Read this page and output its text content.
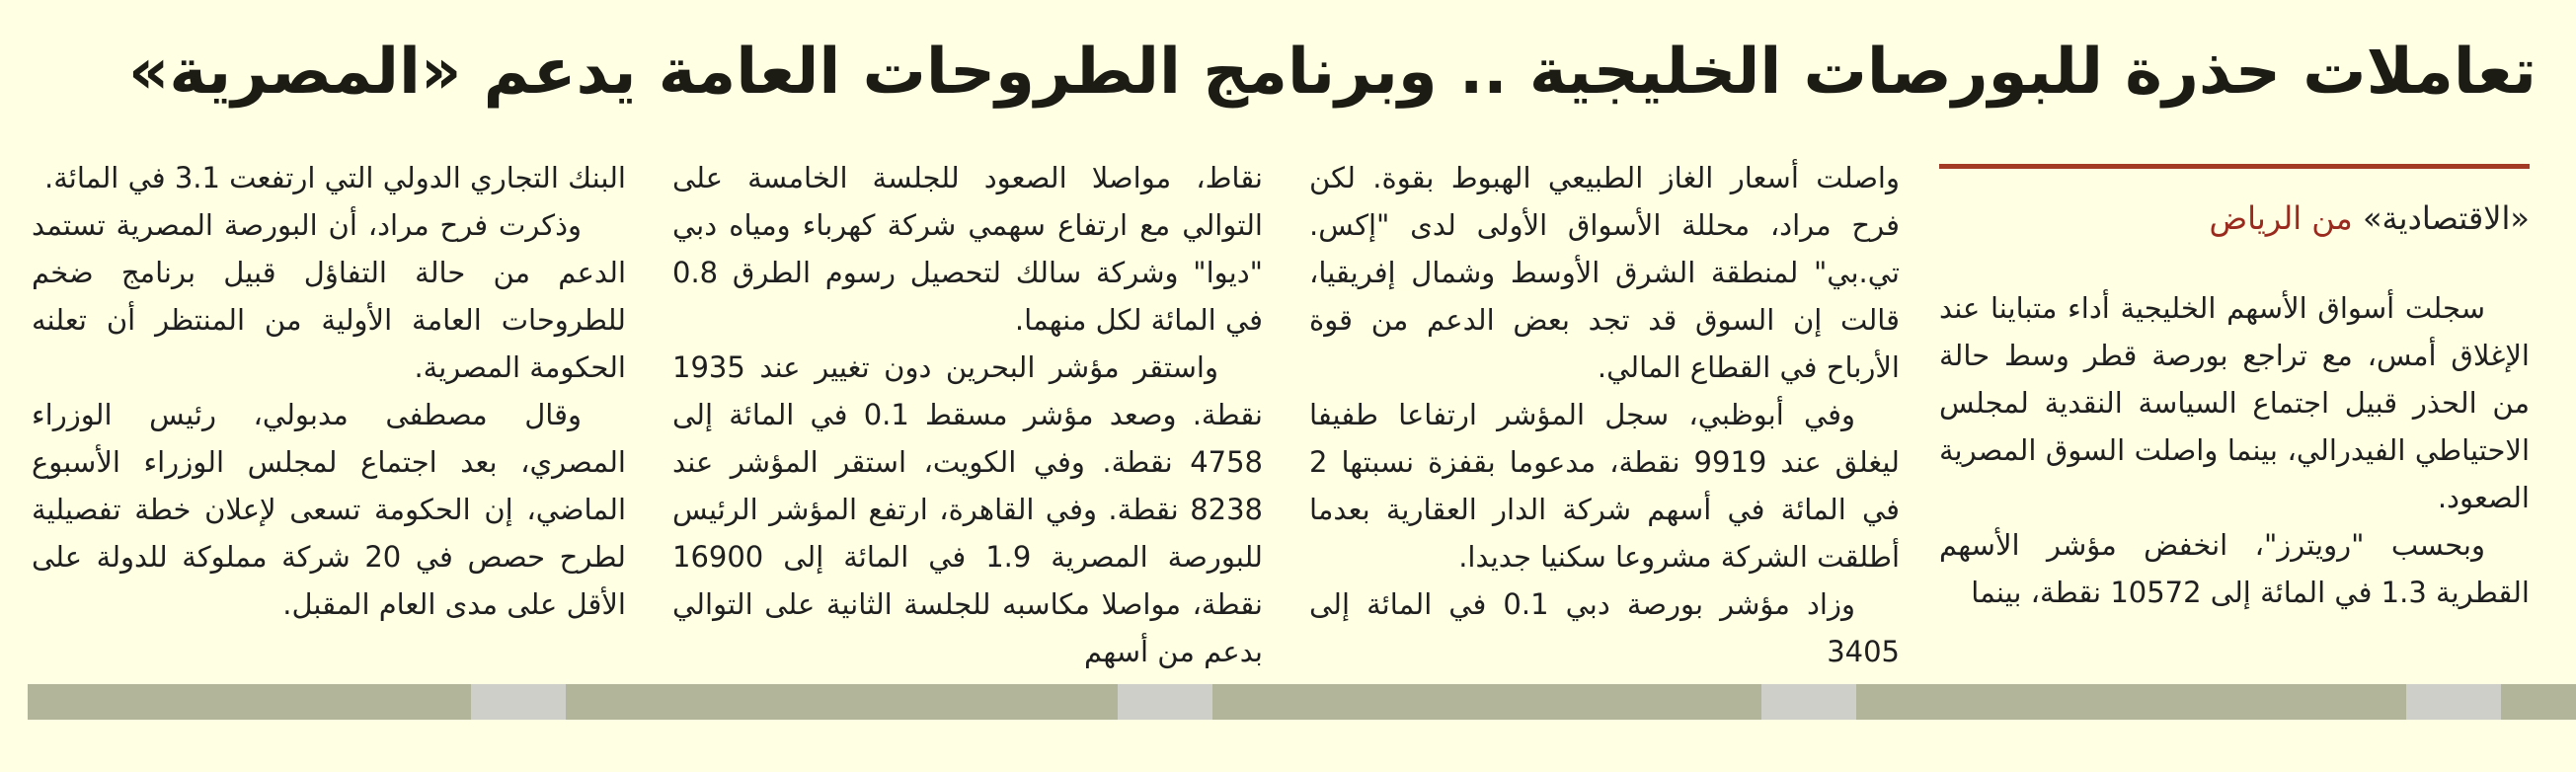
تعاملات حذرة للبورصات الخليجية .. وبرنامج الطروحات العامة يدعم «المصرية»
«الاقتصادية» من الرياض

سجلت أسواق الأسهم الخليجية أداء متباينا عند الإغلاق أمس، مع تراجع بورصة قطر وسط حالة من الحذر قبيل اجتماع السياسة النقدية لمجلس الاحتياطي الفيدرالي، بينما واصلت السوق المصرية الصعود.

وبحسب "رويترز"، انخفض مؤشر الأسهم القطرية 1.3 في المائة إلى 10572 نقطة، بينما

واصلت أسعار الغاز الطبيعي الهبوط بقوة. لكن فرح مراد، محللة الأسواق الأولى لدى "إكس. تي.بي" لمنطقة الشرق الأوسط وشمال إفريقيا، قالت إن السوق قد تجد بعض الدعم من قوة الأرباح في القطاع المالي.

وفي أبوظبي، سجل المؤشر ارتفاعا طفيفا ليغلق عند 9919 نقطة، مدعوما بقفزة نسبتها 2 في المائة في أسهم شركة الدار العقارية بعدما أطلقت الشركة مشروعا سكنيا جديدا.

وزاد مؤشر بورصة دبي 0.1 في المائة إلى 3405

نقاط، مواصلا الصعود للجلسة الخامسة على التوالي مع ارتفاع سهمي شركة كهرباء ومياه دبي "ديوا" وشركة سالك لتحصيل رسوم الطرق 0.8 في المائة لكل منهما.

واستقر مؤشر البحرين دون تغيير عند 1935 نقطة. وصعد مؤشر مسقط 0.1 في المائة إلى 4758 نقطة. وفي الكويت، استقر المؤشر عند 8238 نقطة. وفي القاهرة، ارتفع المؤشر الرئيس للبورصة المصرية 1.9 في المائة إلى 16900 نقطة، مواصلا مكاسبه للجلسة الثانية على التوالي بدعم من أسهم

البنك التجاري الدولي التي ارتفعت 3.1 في المائة.

وذكرت فرح مراد، أن البورصة المصرية تستمد الدعم من حالة التفاؤل قبيل برنامج ضخم للطروحات العامة الأولية من المنتظر أن تعلنه الحكومة المصرية.

وقال مصطفى مدبولي، رئيس الوزراء المصري، بعد اجتماع لمجلس الوزراء الأسبوع الماضي، إن الحكومة تسعى لإعلان خطة تفصيلية لطرح حصص في 20 شركة مملوكة للدولة على الأقل على مدى العام المقبل.
